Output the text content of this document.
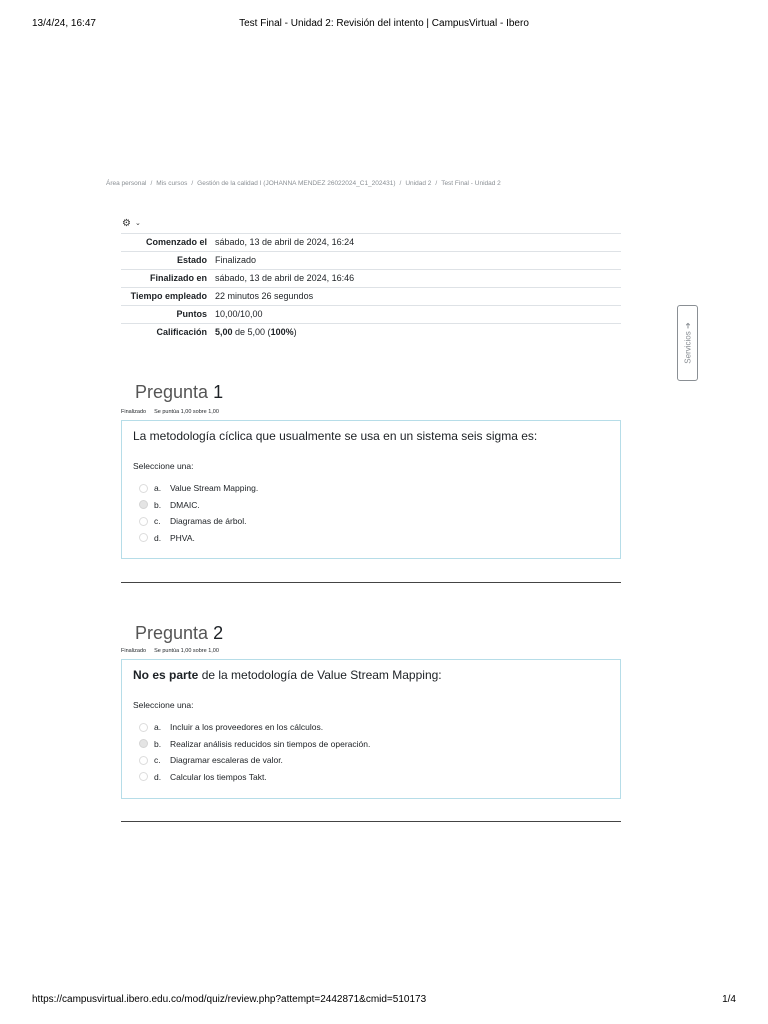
13/4/24, 16:47	Test Final - Unidad 2: Revisión del intento | CampusVirtual - Ibero
Área personal / Mis cursos / Gestión de la calidad I (JOHANNA MENDEZ 26022024_C1_202431) / Unidad 2 / Test Final - Unidad 2
⚙ ⌄
Comenzado el	sábado, 13 de abril de 2024, 16:24
Estado	Finalizado
Finalizado en	sábado, 13 de abril de 2024, 16:46
Tiempo empleado	22 minutos 26 segundos
Puntos	10,00/10,00
Calificación	5,00 de 5,00 (100%)	Servicios ➜
Pregunta 1
Finalizado Se puntúa 1,00 sobre 1,00
La metodología cíclica que usualmente se usa en un sistema seis sigma es:
Seleccione una:
a.	Value Stream Mapping.
b.	DMAIC.
c.	Diagramas de árbol.
d.	PHVA.
Pregunta 2
Finalizado Se puntúa 1,00 sobre 1,00
No es parte de la metodología de Value Stream Mapping:
Seleccione una:
a.	Incluir a los proveedores en los cálculos.
b.	Realizar análisis reducidos sin tiempos de operación.
c.	Diagramar escaleras de valor.
d.	Calcular los tiempos Takt.
https://campusvirtual.ibero.edu.co/mod/quiz/review.php?attempt=2442871&cmid=510173	1/4
